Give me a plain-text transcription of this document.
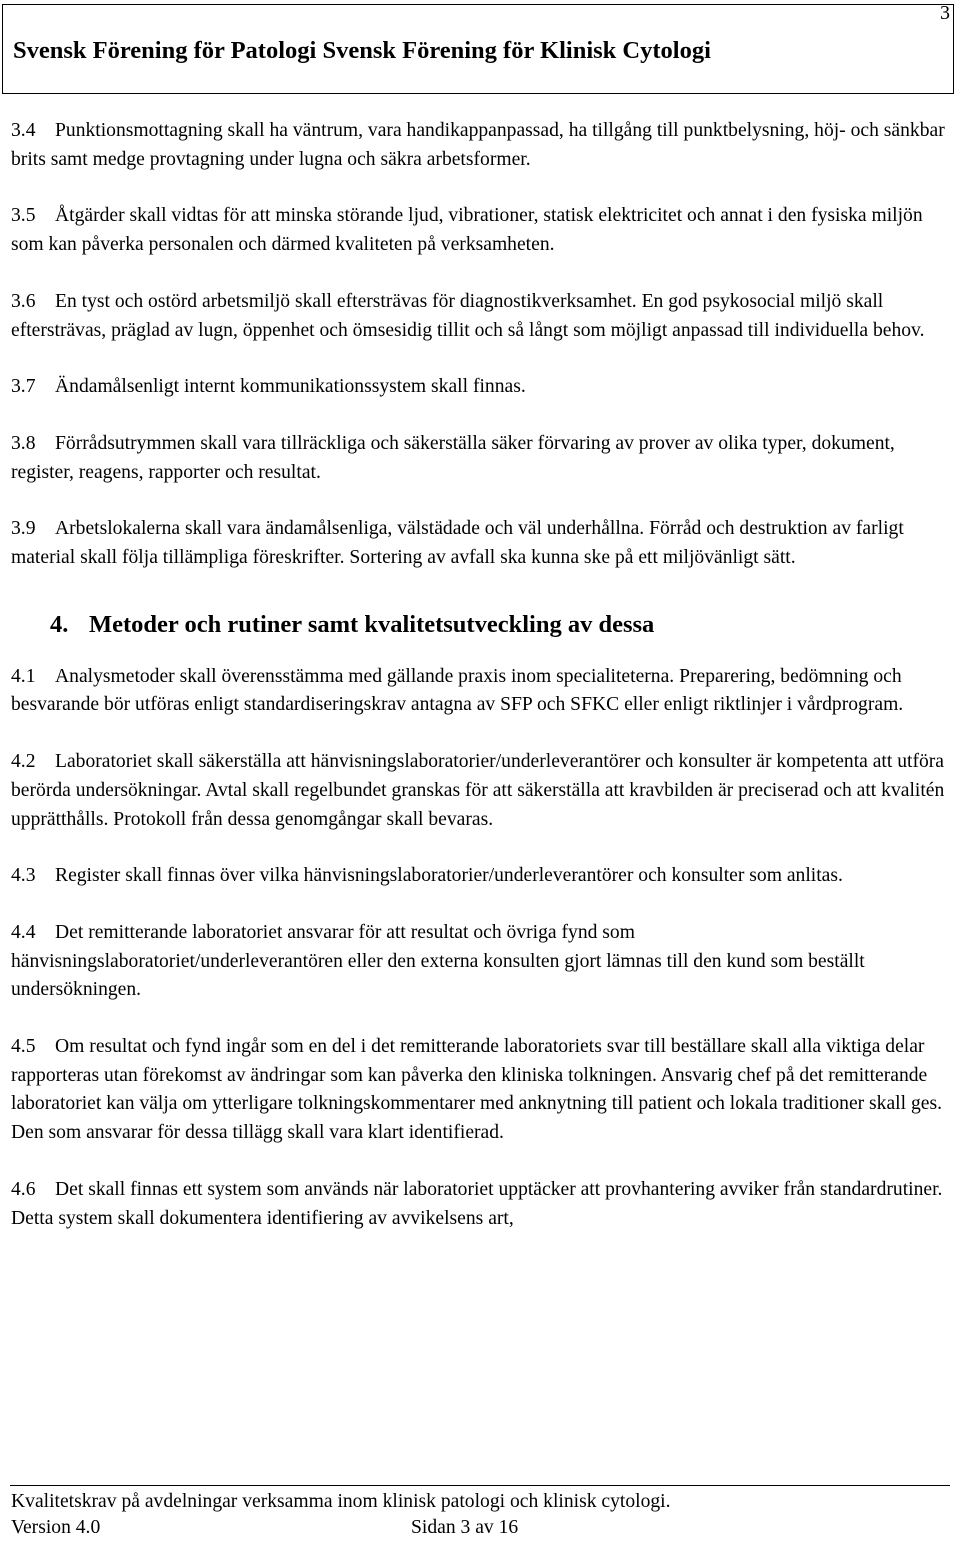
3
Svensk Förening för Patologi Svensk Förening för Klinisk Cytologi

3.4 Punktionsmottagning skall ha väntrum, vara handikappanpassad, ha tillgång till punktbelysning, höj- och sänkbar brits samt medge provtagning under lugna och säkra arbetsformer.

3.5 Åtgärder skall vidtas för att minska störande ljud, vibrationer, statisk elektricitet och annat i den fysiska miljön som kan påverka personalen och därmed kvaliteten på verksamheten.

3.6 En tyst och ostörd arbetsmiljö skall eftersträvas för diagnostikverksamhet. En god psykosocial miljö skall eftersträvas, präglad av lugn, öppenhet och ömsesidig tillit och så långt som möjligt anpassad till individuella behov.

3.7 Ändamålsenligt internt kommunikationssystem skall finnas.

3.8 Förrådsutrymmen skall vara tillräckliga och säkerställa säker förvaring av prover av olika typer, dokument, register, reagens, rapporter och resultat.

3.9 Arbetslokalerna skall vara ändamålsenliga, välstädade och väl underhållna. Förråd och destruktion av farligt material skall följa tillämpliga föreskrifter. Sortering av avfall ska kunna ske på ett miljövänligt sätt.

4. Metoder och rutiner samt kvalitetsutveckling av dessa

4.1 Analysmetoder skall överensstämma med gällande praxis inom specialiteterna. Preparering, bedömning och besvarande bör utföras enligt standardiseringskrav antagna av SFP och SFKC eller enligt riktlinjer i vårdprogram.

4.2 Laboratoriet skall säkerställa att hänvisningslaboratorier/underleverantörer och konsulter är kompetenta att utföra berörda undersökningar. Avtal skall regelbundet granskas för att säkerställa att kravbilden är preciserad och att kvalitén upprätthålls. Protokoll från dessa genomgångar skall bevaras.

4.3 Register skall finnas över vilka hänvisningslaboratorier/underleverantörer och konsulter som anlitas.

4.4 Det remitterande laboratoriet ansvarar för att resultat och övriga fynd som hänvisningslaboratoriet/underleverantören eller den externa konsulten gjort lämnas till den kund som beställt undersökningen.

4.5 Om resultat och fynd ingår som en del i det remitterande laboratoriets svar till beställare skall alla viktiga delar rapporteras utan förekomst av ändringar som kan påverka den kliniska tolkningen. Ansvarig chef på det remitterande laboratoriet kan välja om ytterligare tolkningskommentarer med anknytning till patient och lokala traditioner skall ges. Den som ansvarar för dessa tillägg skall vara klart identifierad.

4.6 Det skall finnas ett system som används när laboratoriet upptäcker att provhantering avviker från standardrutiner. Detta system skall dokumentera identifiering av avvikelsens art,

Kvalitetskrav på avdelningar verksamma inom klinisk patologi och klinisk cytologi.
Version 4.0	Sidan 3 av 16
